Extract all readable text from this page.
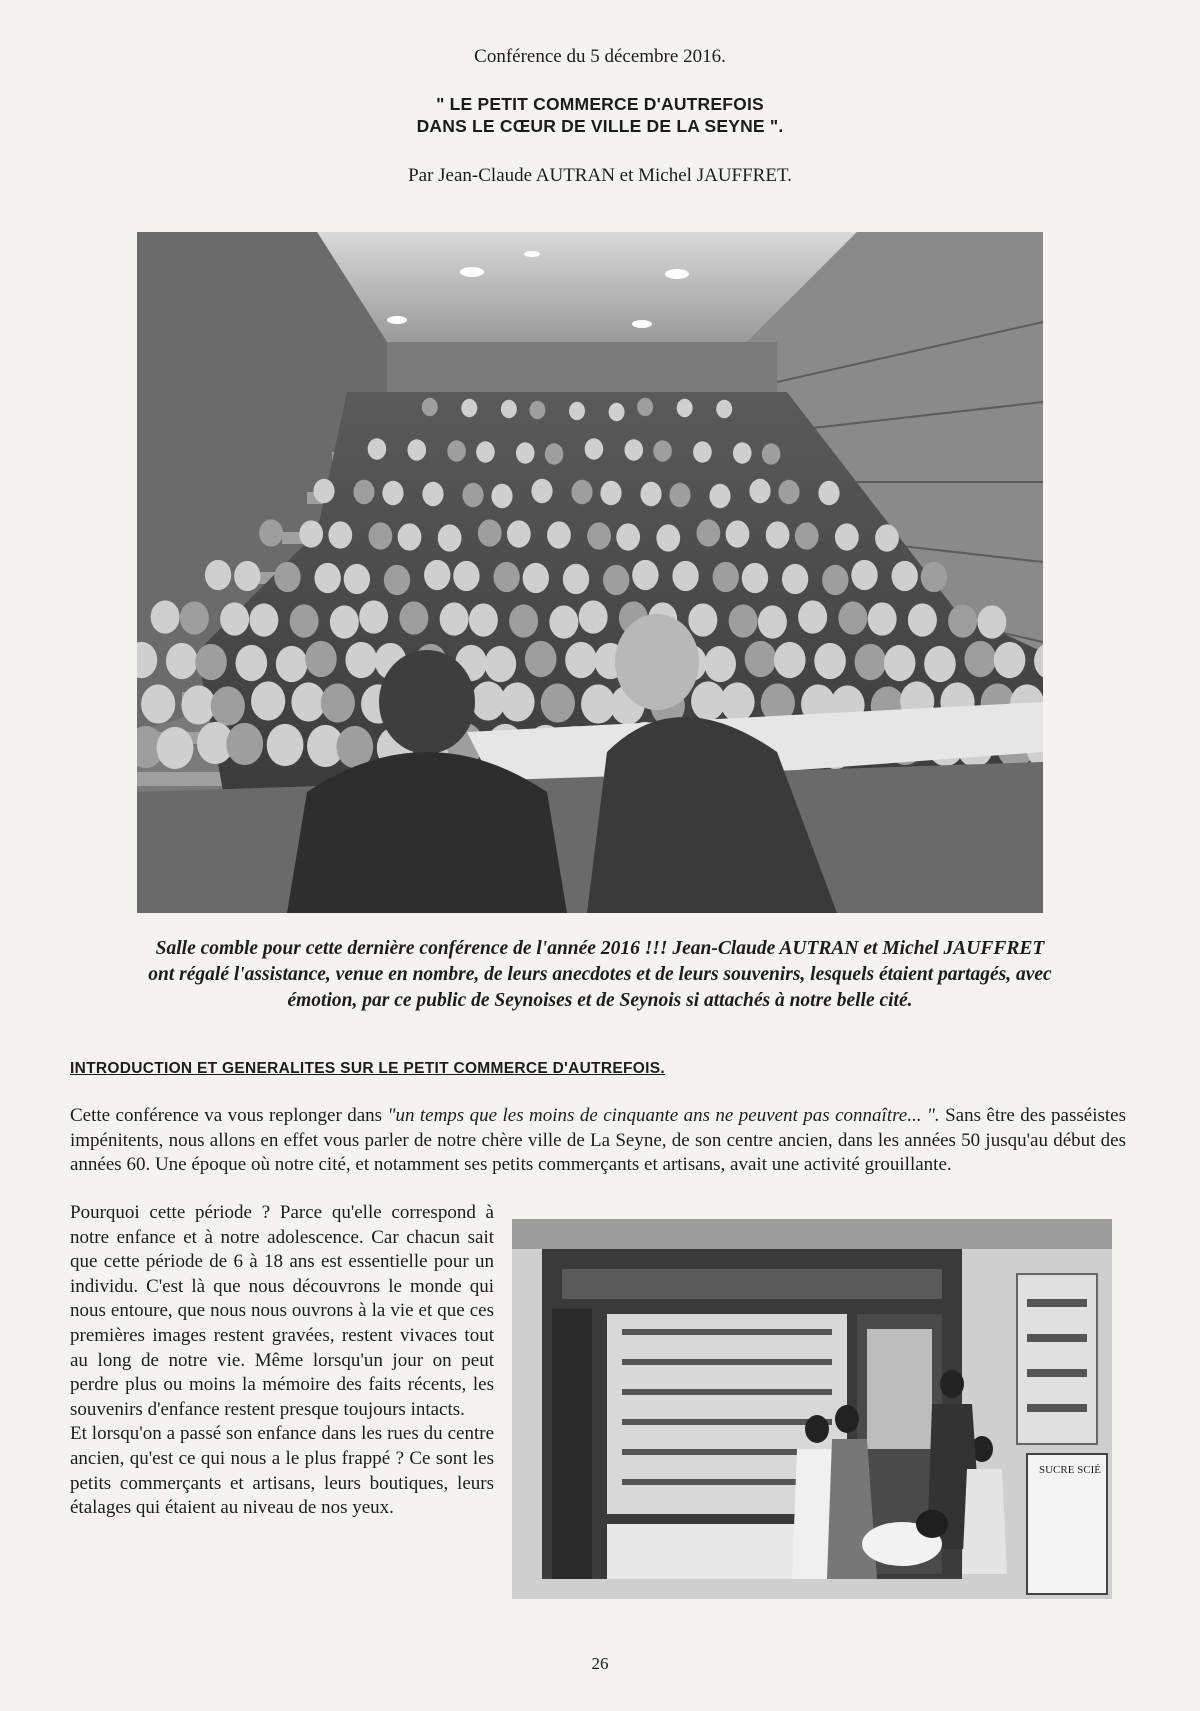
Conférence du 5 décembre 2016.
" LE PETIT COMMERCE D'AUTREFOIS
DANS LE CŒUR DE VILLE DE LA SEYNE ".
Par Jean-Claude AUTRAN et Michel JAUFFRET.
Salle comble pour cette dernière conférence de l'année 2016 !!! Jean-Claude AUTRAN et Michel JAUFFRET
ont régalé l'assistance, venue en nombre, de leurs anecdotes et de leurs souvenirs, lesquels étaient partagés, avec
émotion, par ce public de Seynoises et de Seynois si attachés à notre belle cité.
INTRODUCTION ET GENERALITES SUR LE PETIT COMMERCE D'AUTREFOIS.
Cette conférence va vous replonger dans "un temps que les moins de cinquante ans ne peuvent pas connaître... ". Sans être des passéistes impénitents, nous allons en effet vous parler de notre chère ville de La Seyne, de son centre ancien, dans les années 50 jusqu'au début des années 60. Une époque où notre cité, et notamment ses petits commerçants et artisans, avait une activité grouillante.

Pourquoi cette période ? Parce qu'elle correspond à notre enfance et à notre adolescence. Car chacun sait que cette période de 6 à 18 ans est essentielle pour un individu. C'est là que nous découvrons le monde qui nous entoure, que nous nous ouvrons à la vie et que ces premières images restent gravées, restent vivaces tout au long de notre vie. Même lorsqu'un jour on peut perdre plus ou moins la mémoire des faits récents, les souvenirs d'enfance restent presque toujours intacts.

Et lorsqu'on a passé son enfance dans les rues du centre ancien, qu'est ce qui nous a le plus frappé ? Ce sont les petits commerçants et artisans, leurs boutiques, leurs étalages qui étaient au niveau de nos yeux.

SUCRE SCIÉ
26
